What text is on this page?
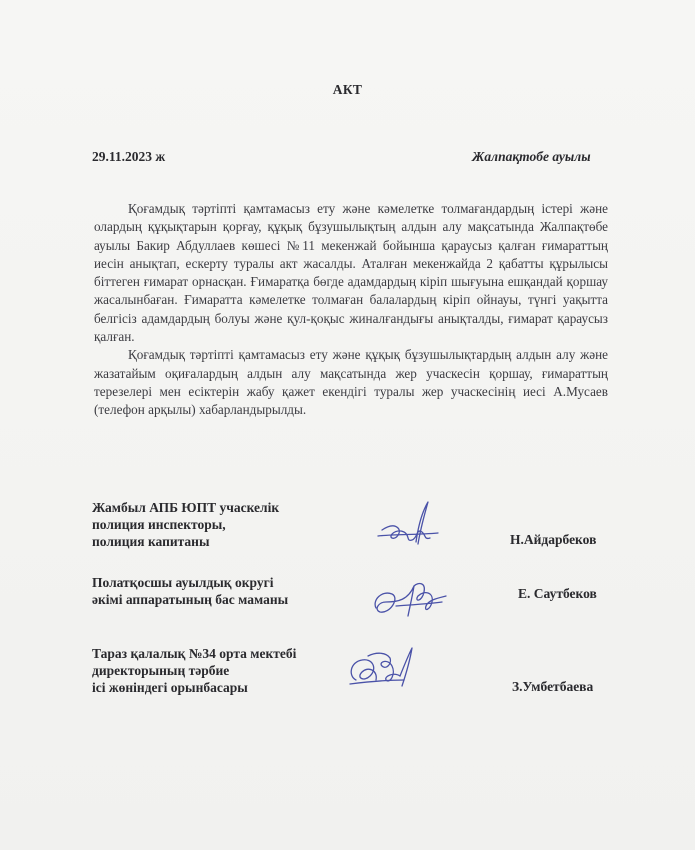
АКТ
29.11.2023 ж	Жалпақтобе ауылы

Қоғамдық тәртіпті қамтамасыз ету және кәмелетке толмағандардың істері және олардың құқықтарын қорғау, құқық бұзушылықтың алдын алу мақсатында Жалпақтөбе ауылы Бакир Абдуллаев көшесі №11 мекенжай бойынша қараусыз қалған ғимараттың иесін анықтап, ескерту туралы акт жасалды. Аталған мекенжайда 2 қабатты құрылысы біттеген ғимарат орнасқан. Ғимаратқа бөгде адамдардың кіріп шығуына ешқандай қоршау жасалынбаған. Ғимаратта кәмелетке толмаған балалардың кіріп ойнауы, түнгі уақытта белгісіз адамдардың болуы және қул-қоқыс жиналғандығы анықталды, ғимарат қараусыз қалған.

Қоғамдық тәртіпті қамтамасыз ету және құқық бұзушылықтардың алдын алу және жазатайым оқиғалардың алдын алу мақсатында жер учаскесін қоршау, ғимараттың терезелері мен есіктерін жабу қажет екендігі туралы жер учаскесінің иесі А.Мусаев (телефон арқылы) хабарландырылды.

Жамбыл АПБ ЮПТ учаскелік
полиция инспекторы,
полиция капитаны	Н.Айдарбеков
Полатқосшы ауылдық округі
әкімі аппаратының бас маманы	Е. Саутбеков
Тараз қалалық №34 орта мектебі
директорының тәрбие
ісі жөніндегі орынбасары	З.Умбетбаева
